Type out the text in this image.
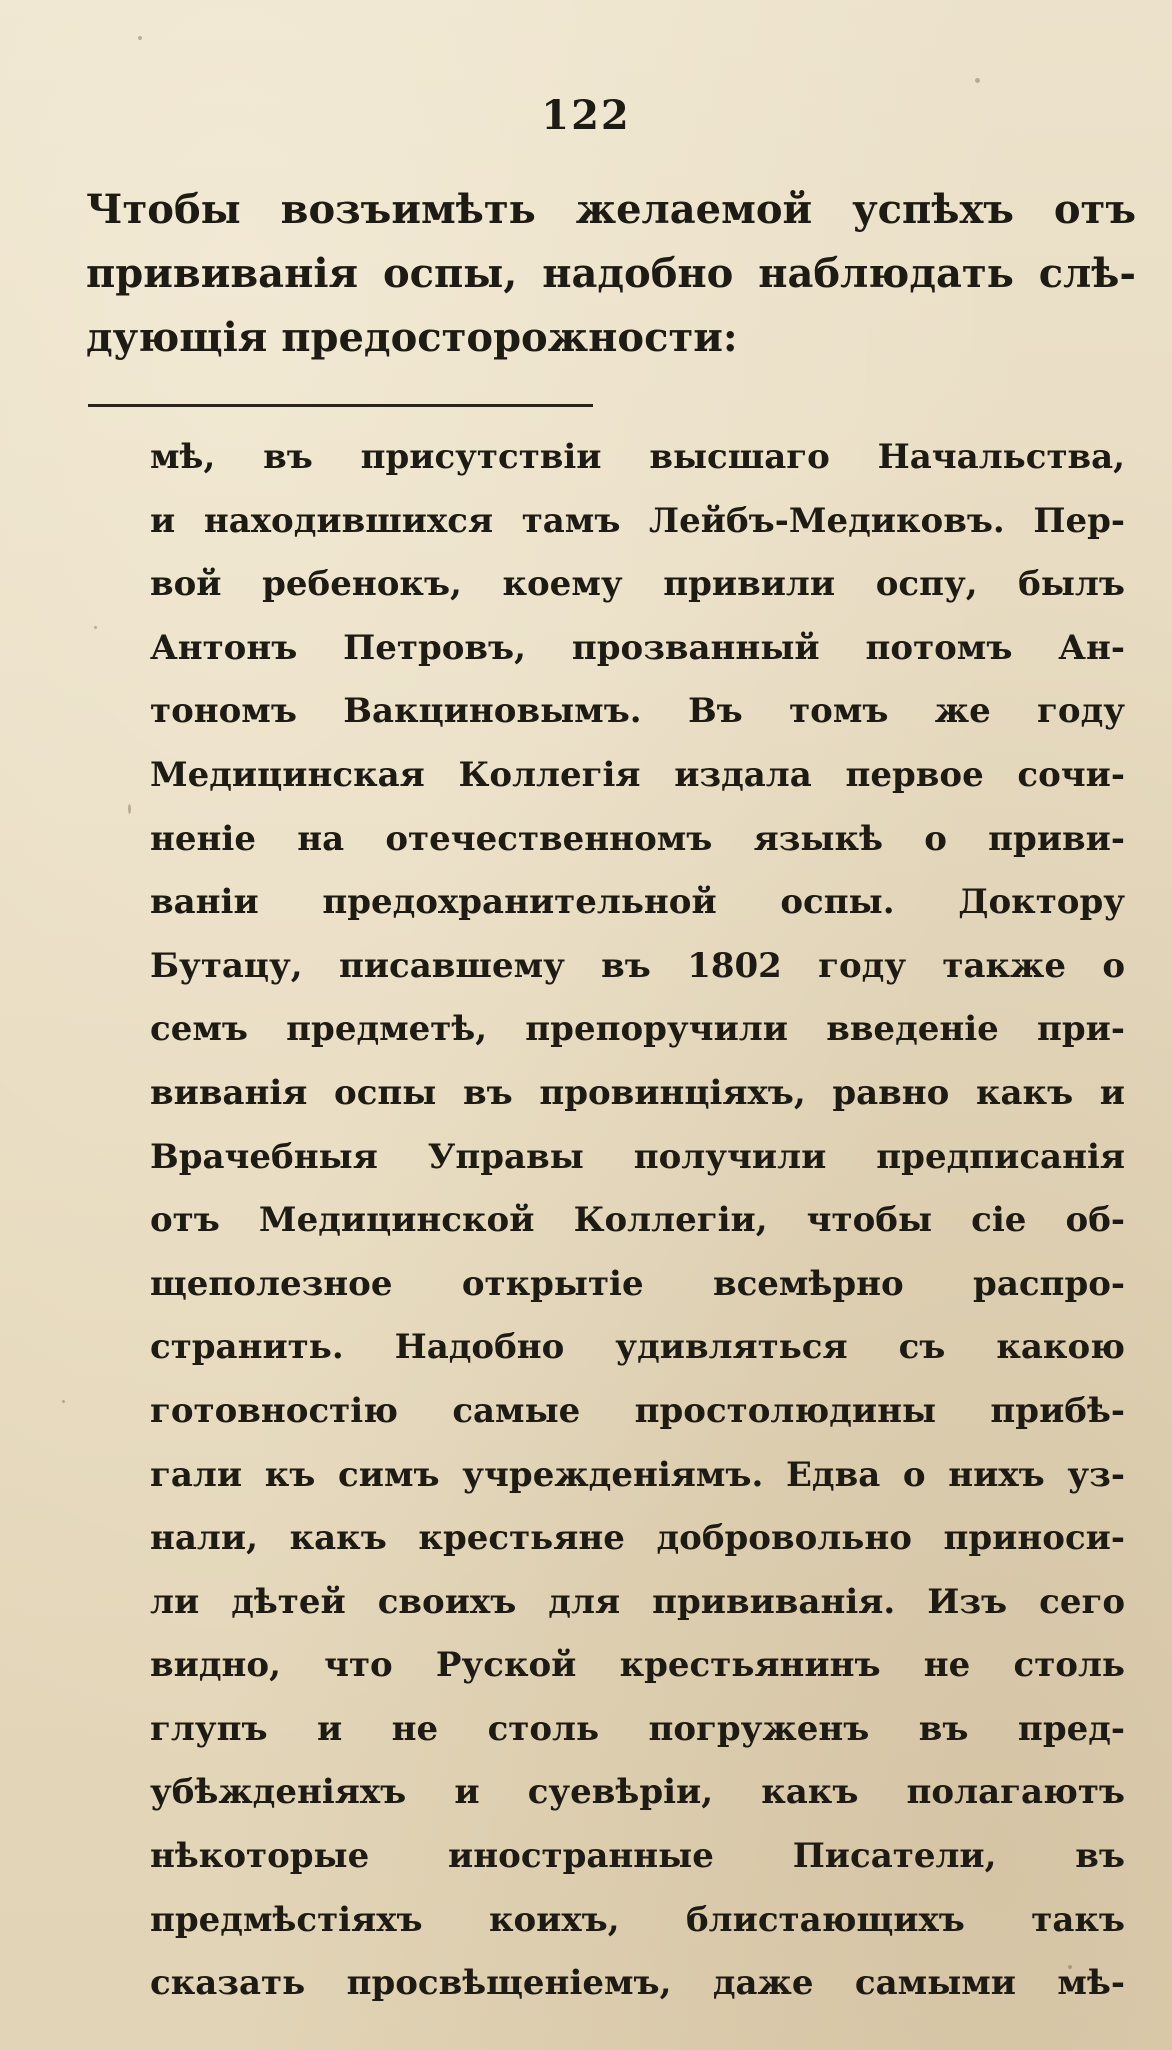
122
Чтобы возъимѣть желаемой успѣхъ отъ
прививанія оспы, надобно наблюдать слѣ-
дующія предосторожности:
мѣ, въ присутствіи высшаго Начальства,
и находившихся тамъ Лейбъ-Медиковъ. Пер-
вой ребенокъ, коему привили оспу, былъ
Антонъ Петровъ, прозванный потомъ Ан-
тономъ Вакциновымъ. Въ томъ же году
Медицинская Коллегія издала первое сочи-
неніе на отечественномъ языкѣ о приви-
ваніи предохранительной оспы. Доктору
Бутацу, писавшему въ 1802 году также о
семъ предметѣ, препоручили введеніе при-
виванія оспы въ провинціяхъ, равно какъ и
Врачебныя Управы получили предписанія
отъ Медицинской Коллегіи, чтобы сіе об-
щеполезное открытіе всемѣрно распро-
странить. Надобно удивляться съ какою
готовностію самые простолюдины прибѣ-
гали къ симъ учрежденіямъ. Едва о нихъ уз-
нали, какъ крестьяне добровольно приноси-
ли дѣтей своихъ для прививанія. Изъ сего
видно, что Руской крестьянинъ не столь
глупъ и не столь погруженъ въ пред-
убѣжденіяхъ и суевѣріи, какъ полагаютъ
нѣкоторые иностранные Писатели, въ
предмѣстіяхъ коихъ, блистающихъ такъ
сказать просвѣщеніемъ, даже самыми мѣ-
